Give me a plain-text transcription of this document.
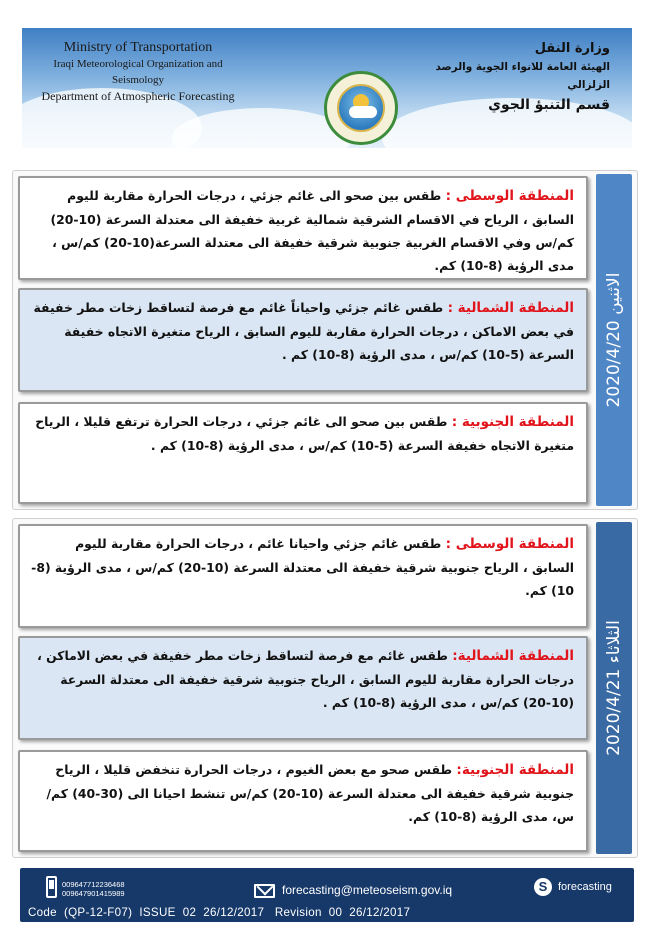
Ministry of Transportation
Iraqi Meteorological Organization and Seismology
Department of Atmospheric Forecasting
وزارة النقل
الهيئة العامة للانواء الجوية والرصد الزلزالي
قسم التنبؤ الجوي
الاثنين 2020/4/20
المنطقة الوسطى : طقس بين صحو الى غائم جزئي ، درجات الحرارة مقاربة لليوم السابق ، الرياح في الاقسام الشرقية شمالية غربية خفيفة الى معتدلة السرعة (10-20) كم/س وفي الاقسام الغربية جنوبية شرقية خفيفة الى معتدلة السرعة(10-20) كم/س ، مدى الرؤية (8-10) كم.
المنطقة الشمالية : طقس غائم جزئي واحياناً غائم مع فرصة لتساقط زخات مطر خفيفة في بعض الاماكن ، درجات الحرارة مقاربة لليوم السابق ، الرياح متغيرة الاتجاه خفيفة السرعة (5-10) كم/س ، مدى الرؤية (8-10) كم .
المنطقة الجنوبية : طقس بين صحو الى غائم جزئي ، درجات الحرارة ترتفع قليلا ، الرياح متغيرة الاتجاه خفيفة السرعة (5-10) كم/س ، مدى الرؤية (8-10) كم .
الثلاثاء 2020/4/21
المنطقة الوسطى : طقس غائم جزئي واحيانا غائم ، درجات الحرارة مقاربة لليوم السابق ، الرياح جنوبية شرقية خفيفة الى معتدلة السرعة (10-20) كم/س ، مدى الرؤية (8-10) كم.
المنطقة الشمالية: طقس غائم مع فرصة لتساقط زخات مطر خفيفة في بعض الاماكن ، درجات الحرارة مقاربة لليوم السابق ، الرياح جنوبية شرقية خفيفة الى معتدلة السرعة (10-20) كم/س ، مدى الرؤية (8-10) كم .
المنطقة الجنوبية: طقس صحو مع بعض الغيوم ، درجات الحرارة تنخفض قليلا ، الرياح جنوبية شرقية خفيفة الى معتدلة السرعة (10-20) كم/س تنشط احيانا الى (30-40) كم/س، مدى الرؤية (8-10) كم.
009647712236468
009647901415989	forecasting@meteoseism.gov.iq	S forecasting
Code  (QP-12-F07)  ISSUE  02  26/12/2017   Revision  00  26/12/2017
